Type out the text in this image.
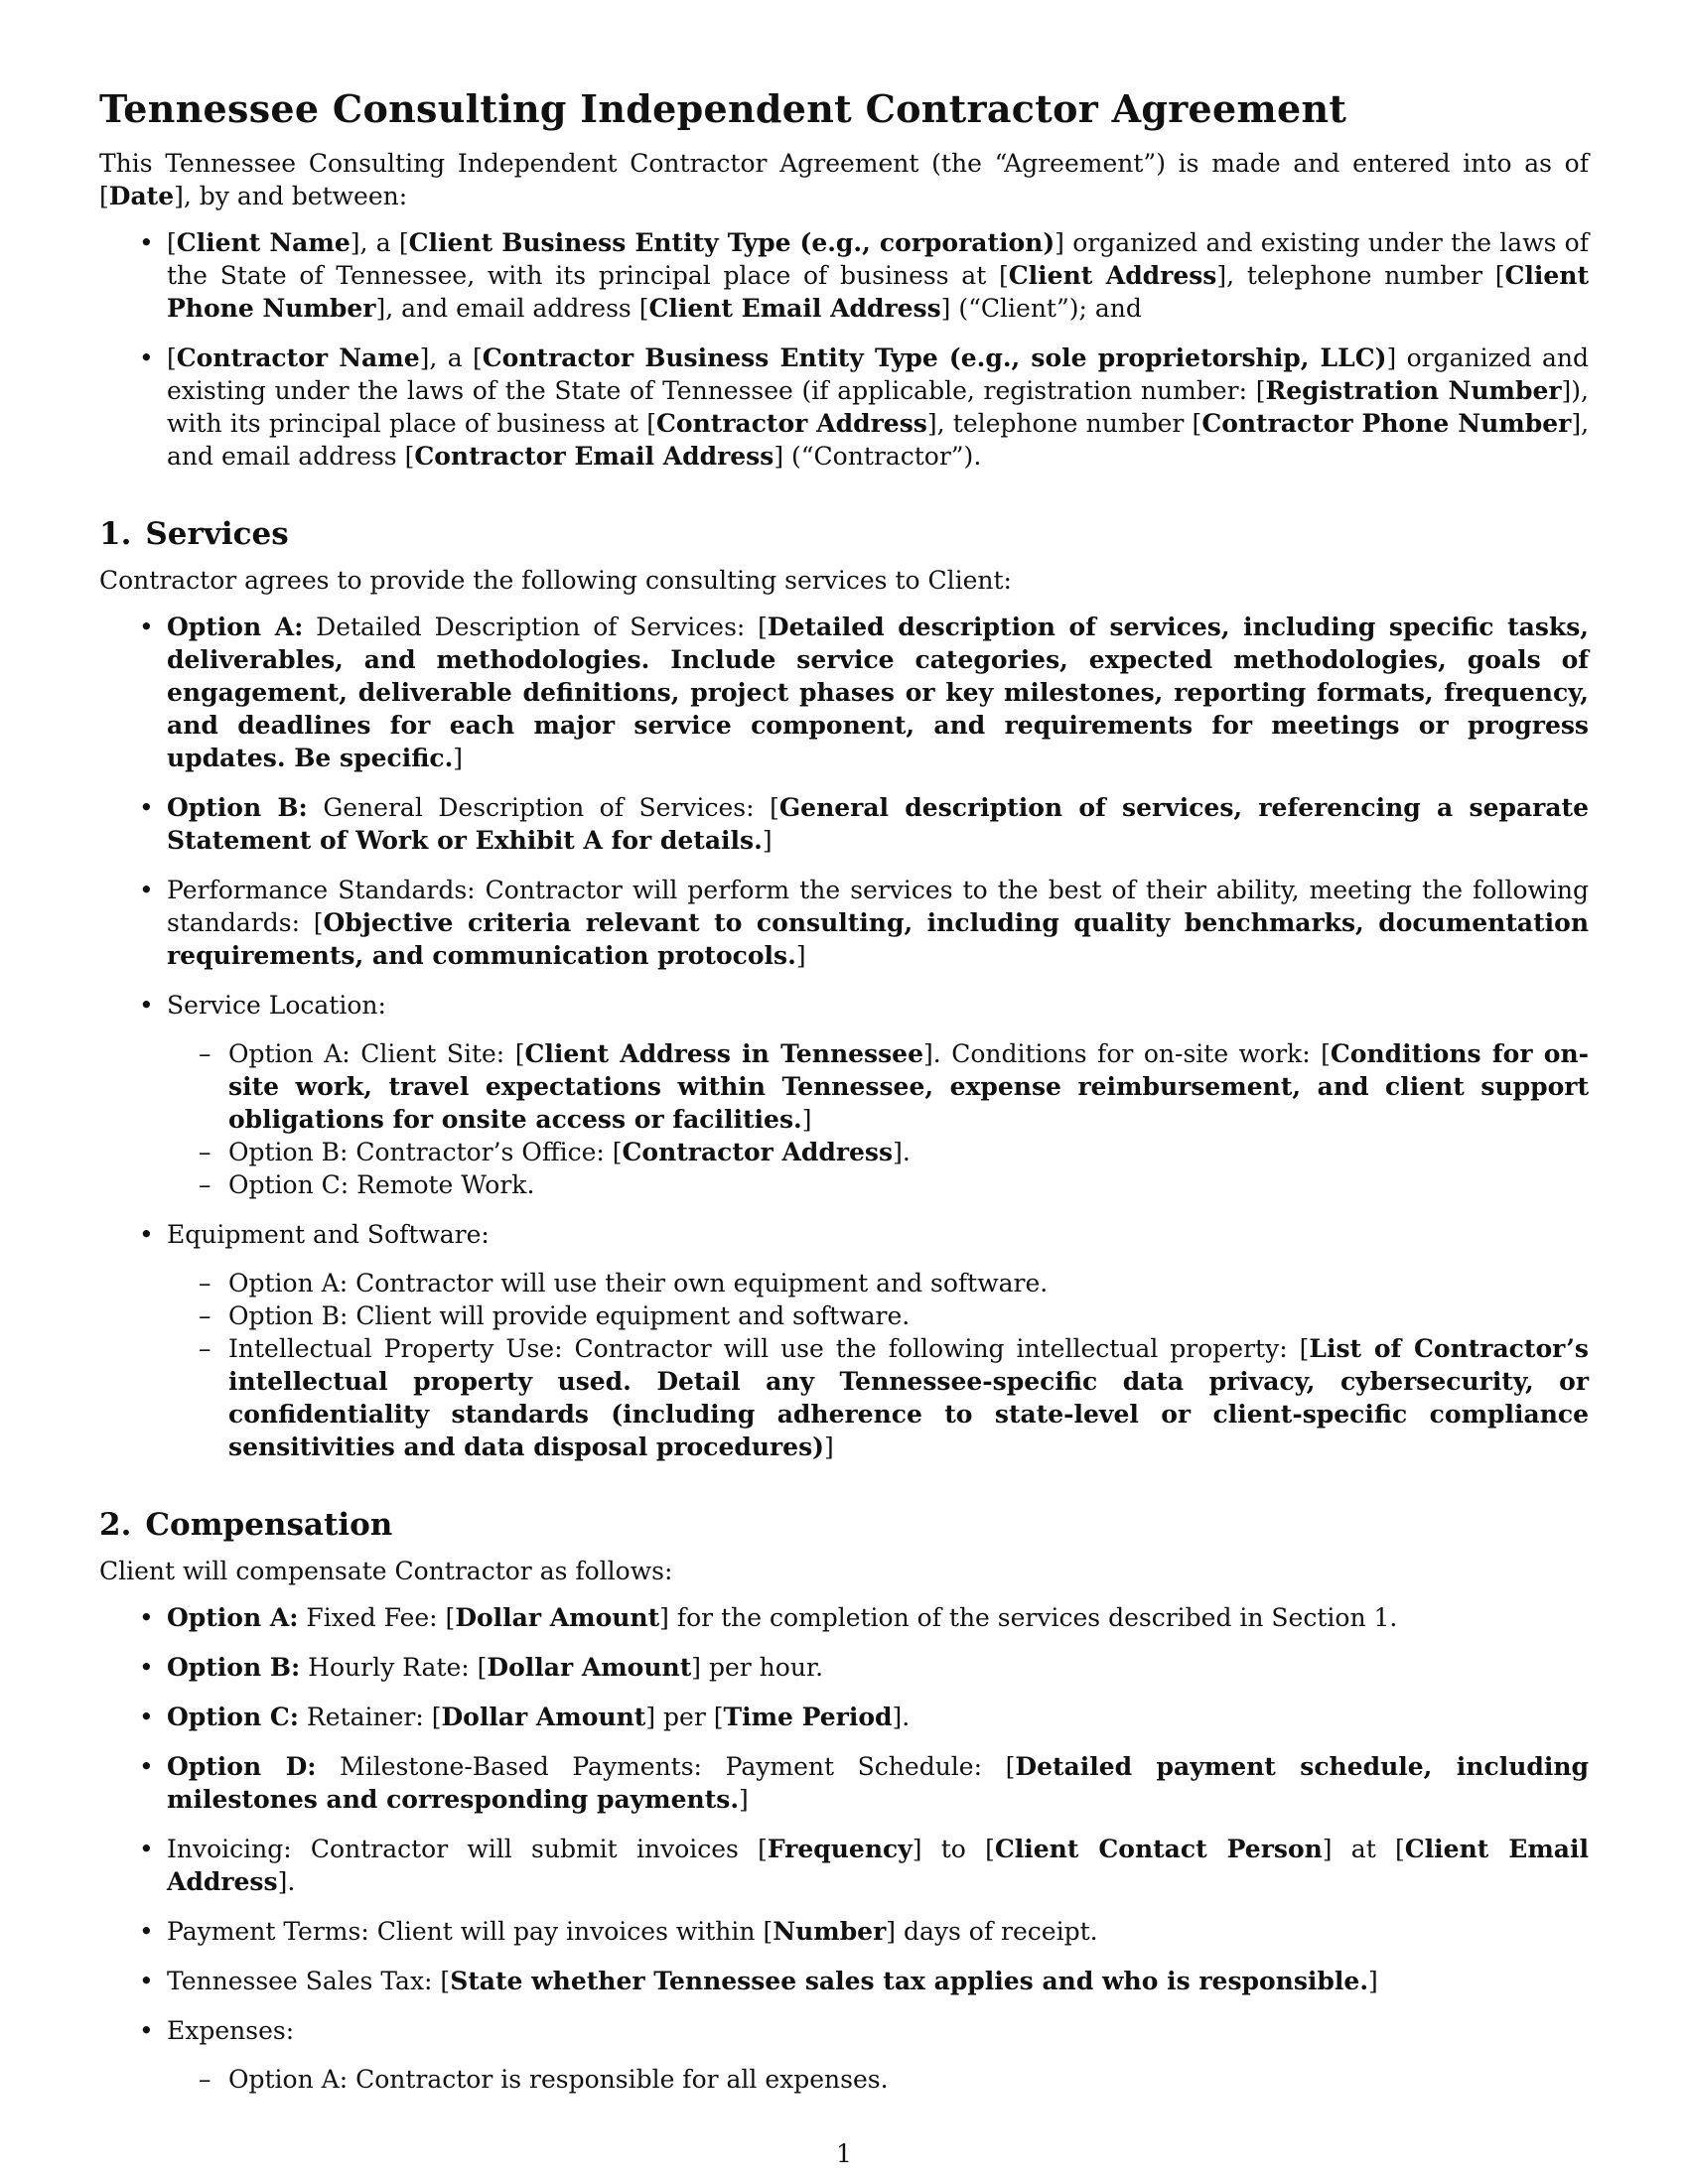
Tennessee Consulting Independent Contractor Agreement

This Tennessee Consulting Independent Contractor Agreement (the “Agreement”) is made and entered into as of [Date], by and between:

• [Client Name], a [Client Business Entity Type (e.g., corporation)] organized and existing under the laws of the State of Tennessee, with its principal place of business at [Client Address], telephone number [Client Phone Number], and email address [Client Email Address] (“Client”); and
• [Contractor Name], a [Contractor Business Entity Type (e.g., sole proprietorship, LLC)] organized and existing under the laws of the State of Tennessee (if applicable, registration number: [Registration Number]), with its principal place of business at [Contractor Address], telephone number [Contractor Phone Number], and email address [Contractor Email Address] (“Contractor”).
1. Services

Contractor agrees to provide the following consulting services to Client:

• Option A: Detailed Description of Services: [Detailed description of services, including specific tasks, deliverables, and methodologies. Include service categories, expected methodologies, goals of engagement, deliverable definitions, project phases or key milestones, reporting formats, frequency, and deadlines for each major service component, and requirements for meetings or progress updates. Be specific.]
• Option B: General Description of Services: [General description of services, referencing a separate Statement of Work or Exhibit A for details.]
• Performance Standards: Contractor will perform the services to the best of their ability, meeting the following standards: [Objective criteria relevant to consulting, including quality benchmarks, documentation requirements, and communication protocols.]
• Service Location:
– Option A: Client Site: [Client Address in Tennessee]. Conditions for on-site work: [Conditions for on-site work, travel expectations within Tennessee, expense reimbursement, and client support obligations for onsite access or facilities.]
– Option B: Contractor’s Office: [Contractor Address].
– Option C: Remote Work.
• Equipment and Software:
– Option A: Contractor will use their own equipment and software.
– Option B: Client will provide equipment and software.
– Intellectual Property Use: Contractor will use the following intellectual property: [List of Contractor’s intellectual property used. Detail any Tennessee-specific data privacy, cybersecurity, or confidentiality standards (including adherence to state-level or client-specific compliance sensitivities and data disposal procedures)]
2. Compensation

Client will compensate Contractor as follows:

• Option A: Fixed Fee: [Dollar Amount] for the completion of the services described in Section 1.
• Option B: Hourly Rate: [Dollar Amount] per hour.
• Option C: Retainer: [Dollar Amount] per [Time Period].
• Option D: Milestone-Based Payments: Payment Schedule: [Detailed payment schedule, including milestones and corresponding payments.]
• Invoicing: Contractor will submit invoices [Frequency] to [Client Contact Person] at [Client Email Address].
• Payment Terms: Client will pay invoices within [Number] days of receipt.
• Tennessee Sales Tax: [State whether Tennessee sales tax applies and who is responsible.]
• Expenses:
– Option A: Contractor is responsible for all expenses.
1
